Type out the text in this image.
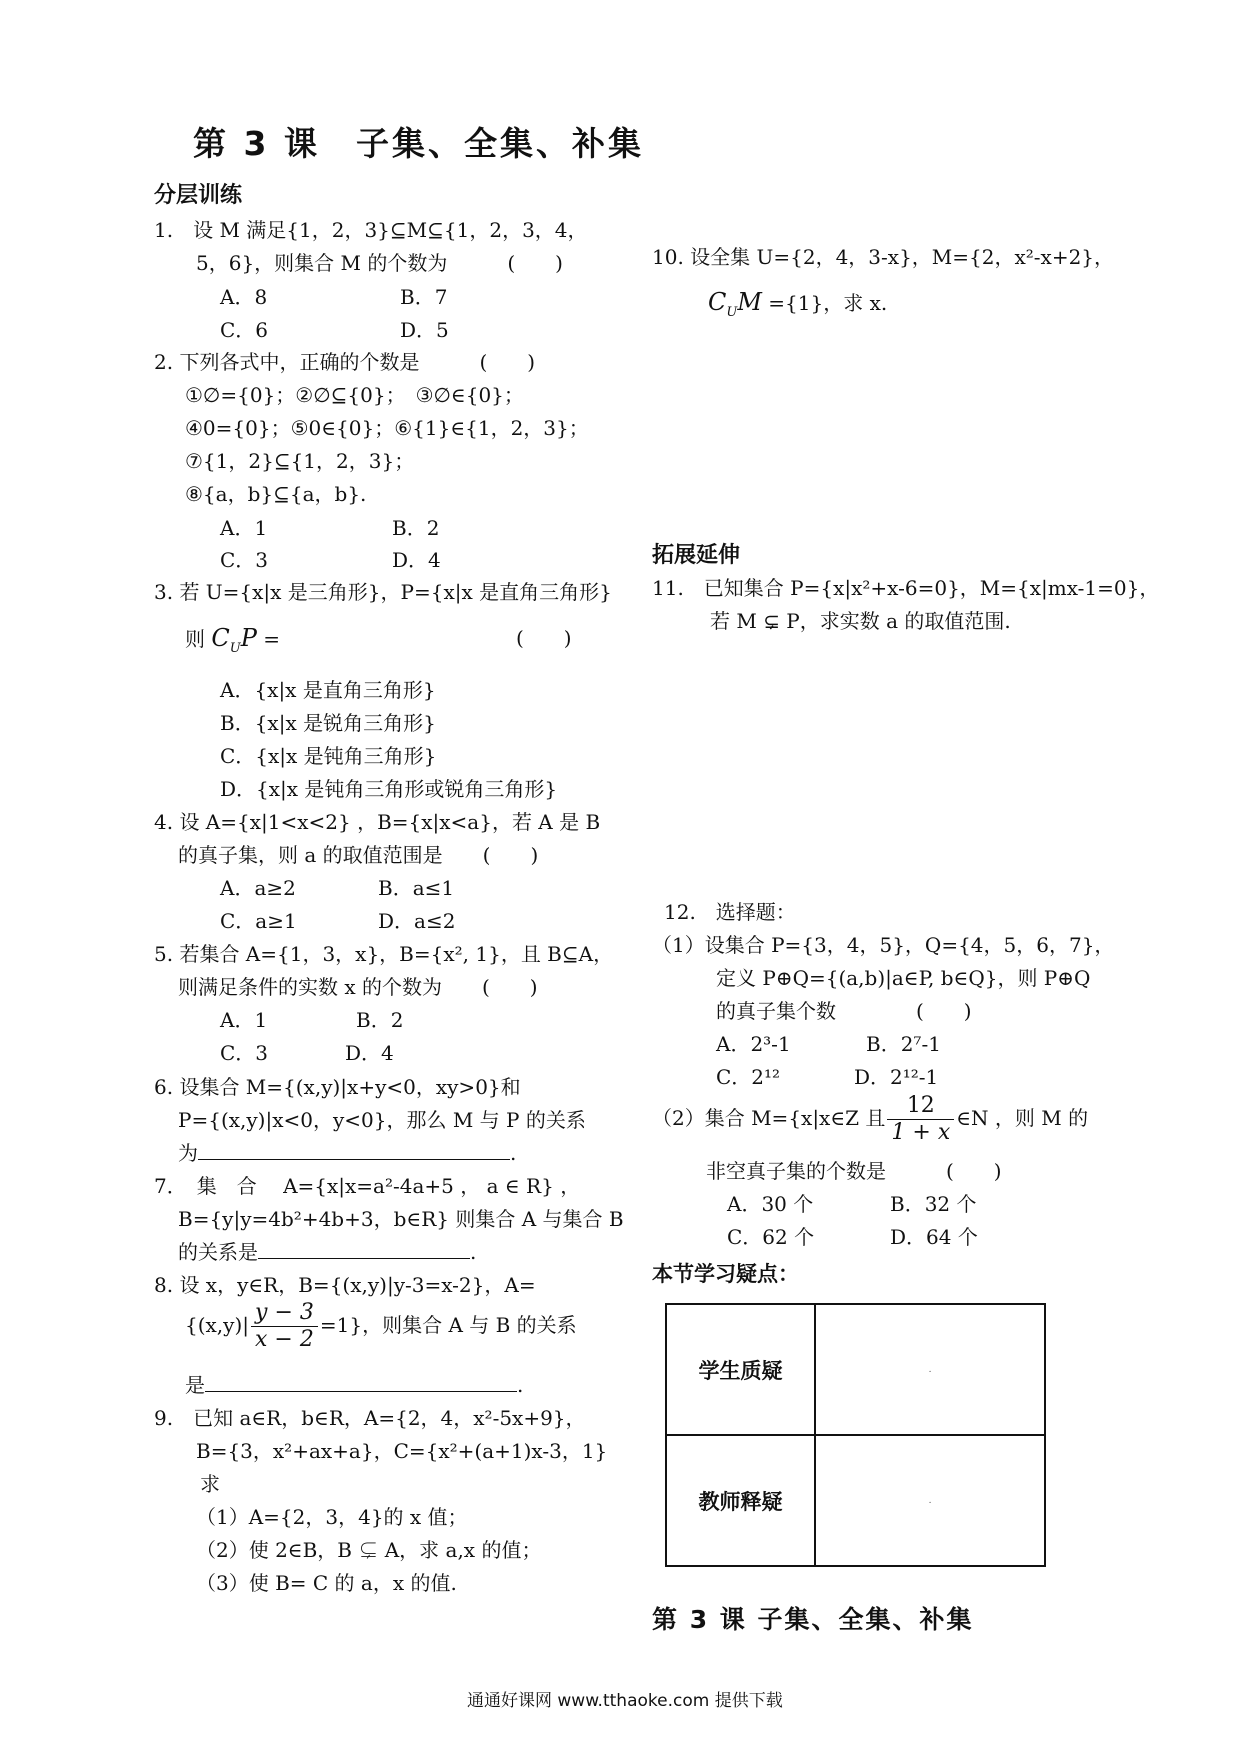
第 3 课　子集、全集、补集
分层训练
1.　设 M 满足{1，2，3}⊆M⊆{1，2，3，4，
5，6}，则集合 M 的个数为　　　(　　)
A．8	B．7
C．6	D．5
2. 下列各式中，正确的个数是　　　(　　)
①∅={0}；②∅⊆{0}；　③∅∈{0}；
④0={0}；⑤0∈{0}；⑥{1}∈{1，2，3}；
⑦{1，2}⊆{1，2，3}；
⑧{a，b}⊆{a，b}.
A．1	B．2
C．3	D．4
3. 若 U={x|x 是三角形}，P={x|x 是直角三角形}
则 $C_UP$ =	(　　)
A．{x|x 是直角三角形}
B．{x|x 是锐角三角形}
C．{x|x 是钝角三角形}
D．{x|x 是钝角三角形或锐角三角形}
4. 设 A={x|1<x<2} ，B={x|x<a}，若 A 是 B
的真子集，则 a 的取值范围是　　(　　)
A．a≥2	B．a≤1
C．a≥1	D．a≤2
5. 若集合 A={1，3，x}，B={x², 1}，且 B⊆A，
则满足条件的实数 x 的个数为　　(　　)
A．1	B．2
C．3	D．4
6. 设集合 M={(x,y)|x+y<0，xy>0}和
P={(x,y)|x<0，y<0}，那么 M 与 P 的关系
为	.
7．　集　合　 A={x|x=a²-4a+5 ， a ∈ R} ，
B={y|y=4b²+4b+3，b∈R} 则集合 A 与集合 B
的关系是	.
8. 设 x，y∈R，B={(x,y)|y-3=x-2}，A=
$\{(x,y)| \frac{y - 3}{x - 2} =1\}$，则集合 A 与 B 的关系
是	.
9.　已知 a∈R，b∈R，A={2，4，x²-5x+9}，
B={3，x²+ax+a}，C={x²+(a+1)x-3，1}
求
（1）A={2，3，4}的 x 值；
（2）使 2∈B，B ⊊ A，求 a,x 的值；
（3）使 B= C 的 a，x 的值.
10. 设全集 U={2，4，3-x}，M={2，x²-x+2}，
$C_UM =\{1\}$，求 x.
拓展延伸
11.　已知集合 P={x|x²+x-6=0}，M={x|mx-1=0}，
若 M ⊊ P，求实数 a 的取值范围.
12.　选择题：
（1）设集合 P={3，4，5}，Q={4，5，6，7}，
定义 P⊕Q={(a,b)|a∈P, b∈Q}，则 P⊕Q
的真子集个数　　　　(　　)
A．2³-1	B．2⁷-1
C．2¹²	D．2¹²-1
（2）集合 M={x|x∈Z 且 $\frac{12}{1 + x}$ ∈N ，则 M 的
非空真子集的个数是　　　(　　)
A．30 个	B．32 个
C．62 个	D．64 个
本节学习疑点：
学生质疑	.
教师释疑	.
第 3 课 子集、全集、补集
通通好课网 www.tthaoke.com 提供下载
